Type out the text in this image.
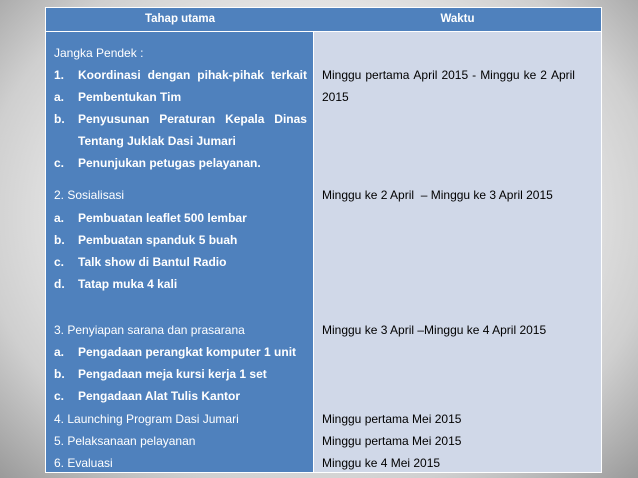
Tahap utama	Waktu
Jangka Pendek :
1. Koordinasi dengan pihak-pihak terkait
a. Pembentukan Tim
b. Penyusunan Peraturan Kepala Dinas
Tentang Juklak Dasi Jumari
c. Penunjukan petugas pelayanan.
2. Sosialisasi
a. Pembuatan leaflet 500 lembar
b. Pembuatan spanduk 5 buah
c. Talk show di Bantul Radio
d. Tatap muka 4 kali
3. Penyiapan sarana dan prasarana
a. Pengadaan perangkat komputer 1 unit
b. Pengadaan meja kursi kerja 1 set
c. Pengadaan Alat Tulis Kantor
4. Launching Program Dasi Jumari
5. Pelaksanaan pelayanan
6. Evaluasi
Minggu pertama April 2015 - Minggu ke 2 April
2015
Minggu ke 2 April  – Minggu ke 3 April 2015
Minggu ke 3 April –Minggu ke 4 April 2015
Minggu pertama Mei 2015
Minggu pertama Mei 2015
Minggu ke 4 Mei 2015
